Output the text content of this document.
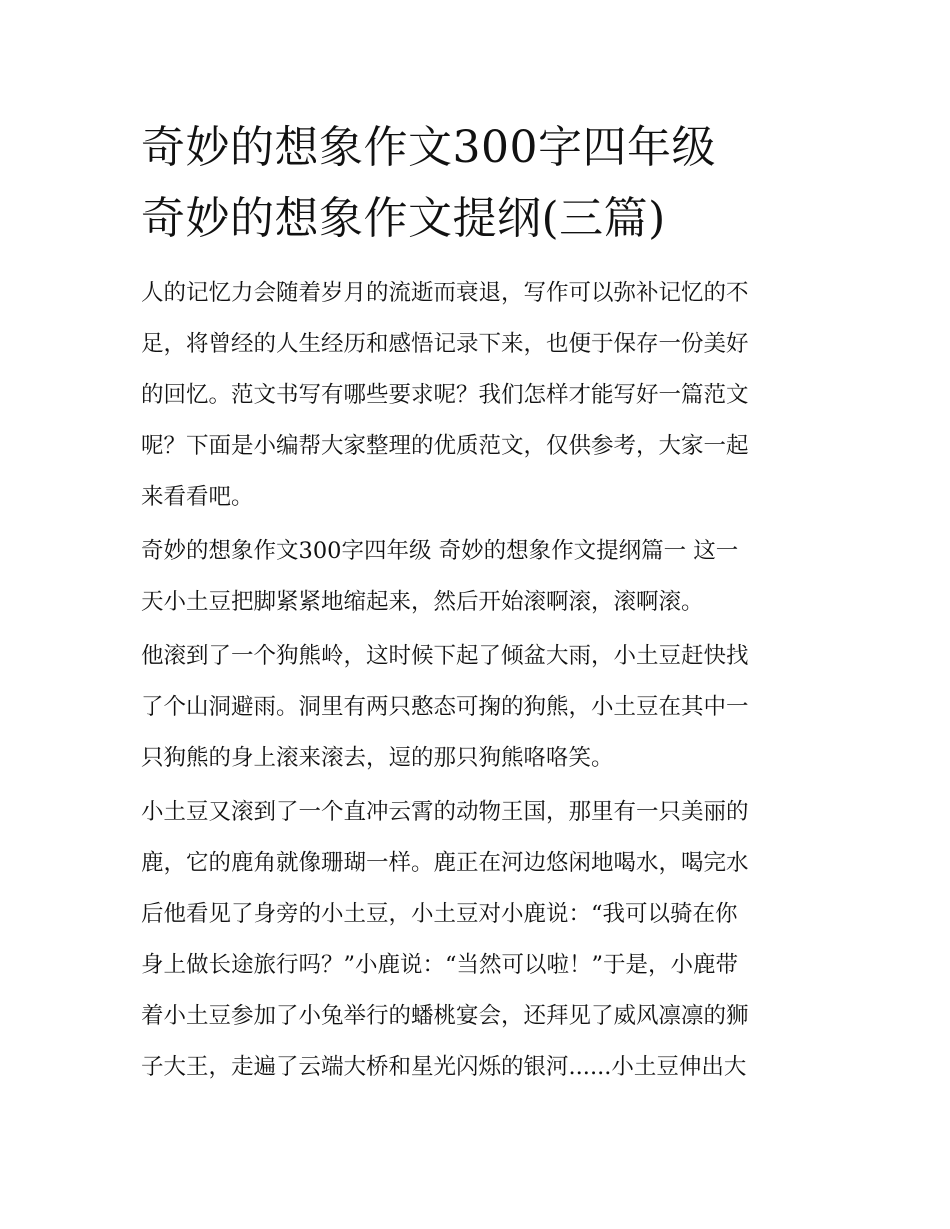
奇妙的想象作文300字四年级
奇妙的想象作文提纲(三篇)

人的记忆力会随着岁月的流逝而衰退，写作可以弥补记忆的不
足，将曾经的人生经历和感悟记录下来，也便于保存一份美好
的回忆。范文书写有哪些要求呢？我们怎样才能写好一篇范文
呢？下面是小编帮大家整理的优质范文，仅供参考，大家一起
来看看吧。

奇妙的想象作文300字四年级 奇妙的想象作文提纲篇一 这一
天小土豆把脚紧紧地缩起来，然后开始滚啊滚，滚啊滚。

他滚到了一个狗熊岭，这时候下起了倾盆大雨，小土豆赶快找
了个山洞避雨。洞里有两只憨态可掬的狗熊，小土豆在其中一
只狗熊的身上滚来滚去，逗的那只狗熊咯咯笑。

小土豆又滚到了一个直冲云霄的动物王国，那里有一只美丽的
鹿，它的鹿角就像珊瑚一样。鹿正在河边悠闲地喝水，喝完水
后他看见了身旁的小土豆，小土豆对小鹿说：“我可以骑在你
身上做长途旅行吗？”小鹿说：“当然可以啦！”于是，小鹿带
着小土豆参加了小兔举行的蟠桃宴会，还拜见了威风凛凛的狮
子大王，走遍了云端大桥和星光闪烁的银河......小土豆伸出大
